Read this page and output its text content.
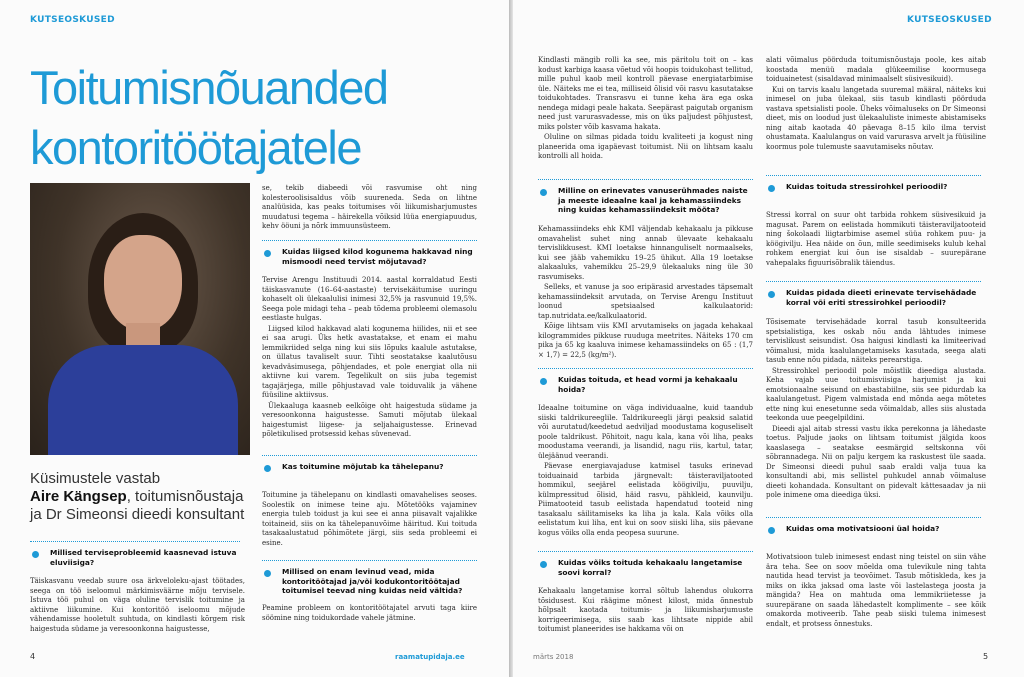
KUTSEOSKUSED
Toitumisnõuanded
kontoritöötajatele
Küsimustele vastab
Aire Kängsep, toitumisnõustaja
ja Dr Simeonsi dieedi konsultant
Millised terviseprobleemid kaasnevad istuva eluviisiga?

Täiskasvanu veedab suure osa ärkveloleku-ajast töötades, seega on töö iseloomul märkimisväärne mõju tervisele. Istuva töö puhul on väga oluline tervislik toitumine ja aktiivne liikumine. Kui kontoritöö iseloomu mõjude vähendamisse hooletult suhtuda, on kindlasti kõrgem risk haigestuda südame ja veresoonkonna haigustesse,

se, tekib diabeedi või rasvumise oht ning kolesteroolisisaldus võib suureneda. Seda on lihtne analüüsida, kas peaks toitumises või liikumisharjumustes muudatusi tegema – häirekella võiksid lüüa energiapuudus, kehv ööuni ja nõrk immuunsüsteem.

Kuidas liigsed kilod kogunema hakkavad ning mismoodi need tervist mõjutavad?

Tervise Arengu Instituudi 2014. aastal korraldatud Eesti täiskasvanute (16–64-aastaste) tervisekäitumise uuringu kohaselt oli ülekaalulisi inimesi 32,5% ja rasvunuid 19,5%. Seega pole midagi teha – peab tõdema probleemi olemasolu eestlaste hulgas.

Liigsed kilod hakkavad alati kogunema hiilides, nii et see ei saa arugi. Üks hetk avastatakse, et enam ei mahu lemmikriided selga ning kui siis lõpuks kaalule astutakse, on üllatus tavaliselt suur. Tihti seostatakse kaalutõusu kevadväsimusega, põhjendades, et pole energiat olla nii aktiivne kui varem. Tegelikult on siis juba tegemist tagajärjega, mille põhjustavad vale toiduvalik ja vähene füüsiline aktiivsus.

Ülekaaluga kaasneb eelkõige oht haigestuda südame ja veresoonkonna haigustesse. Samuti mõjutab ülekaal haigestumist liigese- ja seljahaigustesse. Erinevad põletikulised protsessid kehas süvenevad.

Kas toitumine mõjutab ka tähelepanu?

Toitumine ja tähelepanu on kindlasti omavahelises seoses. Soolestik on inimese teine aju. Mõtetööks vajaminev energia tuleb toidust ja kui see ei anna piisavalt vajalikke toitaineid, siis on ka tähelepanuvõime häiritud. Kui toituda tasakaalustatud põhimõtete järgi, siis seda probleemi ei esine.

Millised on enam levinud vead, mida kontoritöötajad ja/või kodukontoritöötajad toitumisel teevad ning kuidas neid vältida?

Peamine probleem on kontoritöötajatel arvuti taga kiire söömine ning toidukordade vahele jätmine.

4	raamatupidaja.ee
KUTSEOSKUSED

Kindlasti mängib rolli ka see, mis päritolu toit on – kas kodust karbiga kaasa võetud või hoopis toidukohast tellitud, mille puhul kaob meil kontroll päevase energiatarbimise üle. Näiteks me ei tea, milliseid õlisid või rasvu kasutatakse toidukohtades. Transrasvu ei tunne keha ära ega oska nendega midagi peale hakata. Seepärast paigutab organism need just varurasvadesse, mis on üks paljudest põhjustest, miks polster võib kasvama hakata.

Oluline on silmas pidada toidu kvaliteeti ja kogust ning planeerida oma igapäevast toitumist. Nii on lihtsam kaalu kontrolli all hoida.

Milline on erinevates vanuserühmades naiste ja meeste ideaalne kaal ja kehamassiindeks ning kuidas kehamassiindeksit mõõta?

Kehamassiindeks ehk KMI väljendab kehakaalu ja pikkuse omavahelist suhet ning annab ülevaate kehakaalu tervislikkusest. KMI loetakse hinnanguliselt normaalseks, kui see jääb vahemikku 19–25 ühikut. Alla 19 loetakse alakaaluks, vahemikku 25–29,9 ülekaaluks ning üle 30 rasvumiseks.

Selleks, et vanuse ja soo eripärasid arvestades täpsemalt kehamassiindeksit arvutada, on Tervise Arengu Instituut loonud spetsiaalsed kalkulaatorid: tap.nutridata.ee/kalkulaatorid.

Kõige lihtsam viis KMI arvutamiseks on jagada kehakaal kilogrammides pikkuse ruuduga meetrites. Näiteks 170 cm pika ja 65 kg kaaluva inimese kehamassiindeks on 65 : (1,7 × 1,7) = 22,5 (kg/m²).

Kuidas toituda, et head vormi ja kehakaalu hoida?

Ideaalne toitumine on väga individuaalne, kuid taandub siiski taldrikureeglile. Taldrikureegli järgi peaksid salatid või aurutatud/keedetud aedviljad moodustama koguseliselt poole taldrikust. Põhitoit, nagu kala, kana või liha, peaks moodustama veerandi, ja lisandid, nagu riis, kartul, tatar, ülejäänud veerandi.

Päevase energiavajaduse katmisel tasuks erinevad toiduainaid tarbida järgnevalt: täisteraviljatooted hommikul, seejärel eelistada köögivilju, puuvilju, külmpressitud õlisid, häid rasvu, pähkleid, kaunvilju. Piimatooteid tasub eelistada hapendatud tooteid ning tasakaalu säilitamiseks ka liha ja kala. Kala võiks olla eelistatum kui liha, ent kui on soov siiski liha, siis päevane kogus võiks olla enda peopesa suurune.

Kuidas võiks toituda kehakaalu langetamise soovi korral?

Kehakaalu langetamise korral sõltub lahendus olukorra tõsidusest. Kui räägime mõnest kilost, mida õnnestub hõlpsalt kaotada toitumis- ja liikumisharjumuste korrigeerimisega, siis saab kas lihtsate nippide abil toitumist planeerides ise hakkama või on

alati võimalus pöörduda toitumisnõustaja poole, kes aitab koostada menüü madala glükeemilise koormusega toiduainetest (sisaldavad minimaalselt süsivesikuid).

Kui on tarvis kaalu langetada suuremal määral, näiteks kui inimesel on juba ülekaal, siis tasub kindlasti pöörduda vastava spetsialisti poole. Üheks võimaluseks on Dr Simeonsi dieet, mis on loodud just ülekaaluliste inimeste abistamiseks ning aitab kaotada 40 päevaga 8–15 kilo ilma tervist ohustamata. Kaalulangus on vaid varurasva arvelt ja füüsiline koormus pole tulemuste saavutamiseks nõutav.

Kuidas toituda stressirohkel perioodil?

Stressi korral on suur oht tarbida rohkem süsivesikuid ja magusat. Parem on eelistada hommikuti täisteraviljatooteid ning šokolaadi liigtarbimise asemel süüa rohkem puu- ja köögivilju. Hea näide on õun, mille seedimiseks kulub kehal rohkem energiat kui õun ise sisaldab – suurepärane vahepalaks figuurisõbralik täiendus.

Kuidas pidada dieeti erinevate tervisehädade korral või eriti stressirohkel perioodil?

Tõsisemate tervisehädade korral tasub konsulteerida spetsialistiga, kes oskab nõu anda lähtudes inimese tervislikust seisundist. Osa haigusi kindlasti ka limiteerivad võimalusi, mida kaalulangetamiseks kasutada, seega alati tasub enne nõu pidada, näiteks perearstiga.

Stressirohkel perioodil pole mõistlik dieediga alustada. Keha vajab uue toitumisviisiga harjumist ja kui emotsionaalne seisund on ebastabiilne, siis see pidurdab ka kaalulangetust. Pigem valmistada end mõnda aega mõtetes ette ning kui enesetunne seda võimaldab, alles siis alustada teekonda uue peegelpildini.

Dieedi ajal aitab stressi vastu ikka perekonna ja lähedaste toetus. Paljude jaoks on lihtsam toitumist jälgida koos kaaslasega – seatakse eesmärgid seltskonna või sõbrannadega. Nii on palju kergem ka raskustest üle saada. Dr Simeonsi dieedi puhul saab eraldi valja tuua ka konsultandi abi, mis sellistel puhkudel annab võimaluse dieeti kohandada. Konsultant on pidevalt kättesaadav ja nii pole inimene oma dieediga üksi.

Kuidas oma motivatsiooni üal hoida?

Motivatsioon tuleb inimesest endast ning teistel on siin vähe ära teha. See on soov mõelda oma tulevikule ning tahta nautida head tervist ja teovõimet. Tasub mõtiskleda, kes ja miks on ikka jaksad oma laste või lastelastega joosta ja mängida? Hea on mahtuda oma lemmikriietesse ja suurepärane on saada lähedastelt komplimente – see kõik omakorda motiveerib. Tahe peab siiski tulema inimesest endalt, et protsess õnnestuks.

märts 2018	5
